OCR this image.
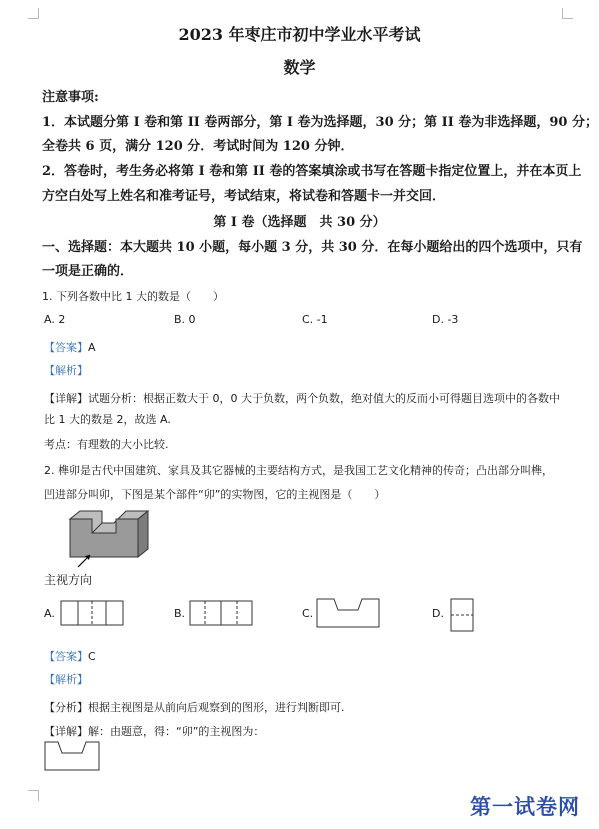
2023 年枣庄市初中学业水平考试
数学
注意事项:
1．本试题分第 I 卷和第 II 卷两部分，第 I 卷为选择题，30 分；第 II 卷为非选择题，90 分；
全卷共 6 页，满分 120 分．考试时间为 120 分钟．
2．答卷时，考生务必将第 I 卷和第 II 卷的答案填涂或书写在答题卡指定位置上，并在本页上
方空白处写上姓名和准考证号，考试结束，将试卷和答题卡一并交回．
第 I 卷（选择题　共 30 分）
一、选择题：本大题共 10 小题，每小题 3 分，共 30 分．在每小题给出的四个选项中，只有
一项是正确的．
1. 下列各数中比 1 大的数是（　　）
A. 2	B. 0	C. -1	D. -3
【答案】A
【解析】
【详解】试题分析：根据正数大于 0，0 大于负数，两个负数，绝对值大的反而小可得题目选项中的各数中
比 1 大的数是 2，故选 A.
考点：有理数的大小比较.
2. 榫卯是古代中国建筑、家具及其它器械的主要结构方式，是我国工艺文化精神的传奇；凸出部分叫榫，
凹进部分叫卯，下图是某个部件“卯”的实物图，它的主视图是（　　）
主视方向
A.	B.	C.	D.
【答案】C
【解析】
【分析】根据主视图是从前向后观察到的图形，进行判断即可.
【详解】解：由题意，得：“卯”的主视图为：
第一试卷网
